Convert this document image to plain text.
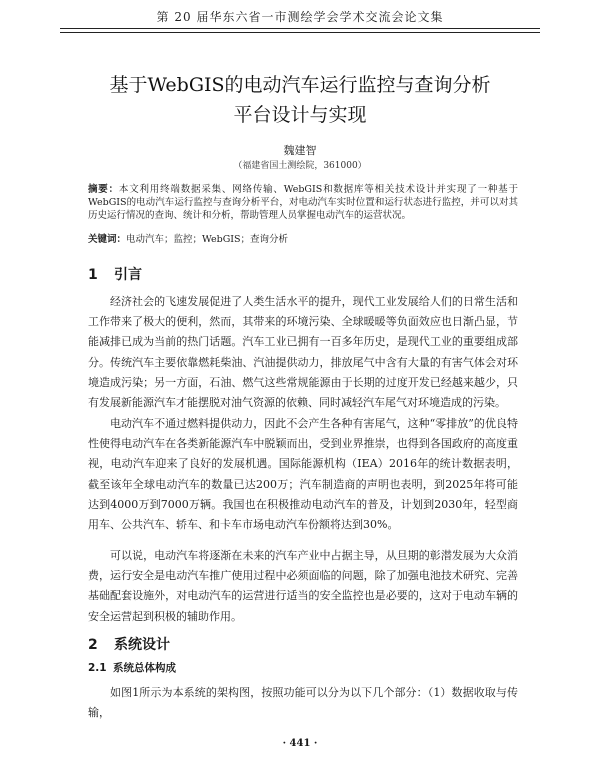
第 20 届华东六省一市测绘学会学术交流会论文集
基于WebGIS的电动汽车运行监控与查询分析
平台设计与实现
魏建智
（福建省国土测绘院，361000）
摘要：本文利用终端数据采集、网络传输、WebGIS和数据库等相关技术设计并实现了一种基于WebGIS的电动汽车运行监控与查询分析平台，对电动汽车实时位置和运行状态进行监控，并可以对其历史运行情况的查询、统计和分析，帮助管理人员掌握电动汽车的运营状况。
关键词：电动汽车；监控；WebGIS；查询分析
1 引言
经济社会的飞速发展促进了人类生活水平的提升，现代工业发展给人们的日常生活和工作带来了极大的便利，然而，其带来的环境污染、全球暖暖等负面效应也日渐凸显，节能减排已成为当前的热门话题。汽车工业已拥有一百多年历史，是现代工业的重要组成部分。传统汽车主要依靠燃耗柴油、汽油提供动力，排放尾气中含有大量的有害气体会对环境造成污染；另一方面，石油、燃气这些常规能源由于长期的过度开发已经越来越少，只有发展新能源汽车才能摆脱对油气资源的依赖、同时减轻汽车尾气对环境造成的污染。
电动汽车不通过燃料提供动力，因此不会产生各种有害尾气，这种“零排放”的优良特性使得电动汽车在各类新能源汽车中脱颖而出，受到业界推崇，也得到各国政府的高度重视，电动汽车迎来了良好的发展机遇。国际能源机构（IEA）2016年的统计数据表明，截至该年全球电动汽车的数量已达200万；汽车制造商的声明也表明，到2025年将可能达到4000万到7000万辆。我国也在积极推动电动汽车的普及，计划到2030年，轻型商用车、公共汽车、轿车、和卡车市场电动汽车份额将达到30%。
可以说，电动汽车将逐渐在未来的汽车产业中占据主导，从旦期的彰潜发展为大众消费，运行安全是电动汽车推广使用过程中必须面临的问题，除了加强电池技术研究、完善基础配套设施外，对电动汽车的运营进行适当的安全监控也是必要的，这对于电动车辆的安全运营起到积极的辅助作用。
2 系统设计
2.1 系统总体构成
如图1所示为本系统的架构图，按照功能可以分为以下几个部分：（1）数据收取与传输，
· 441 ·
